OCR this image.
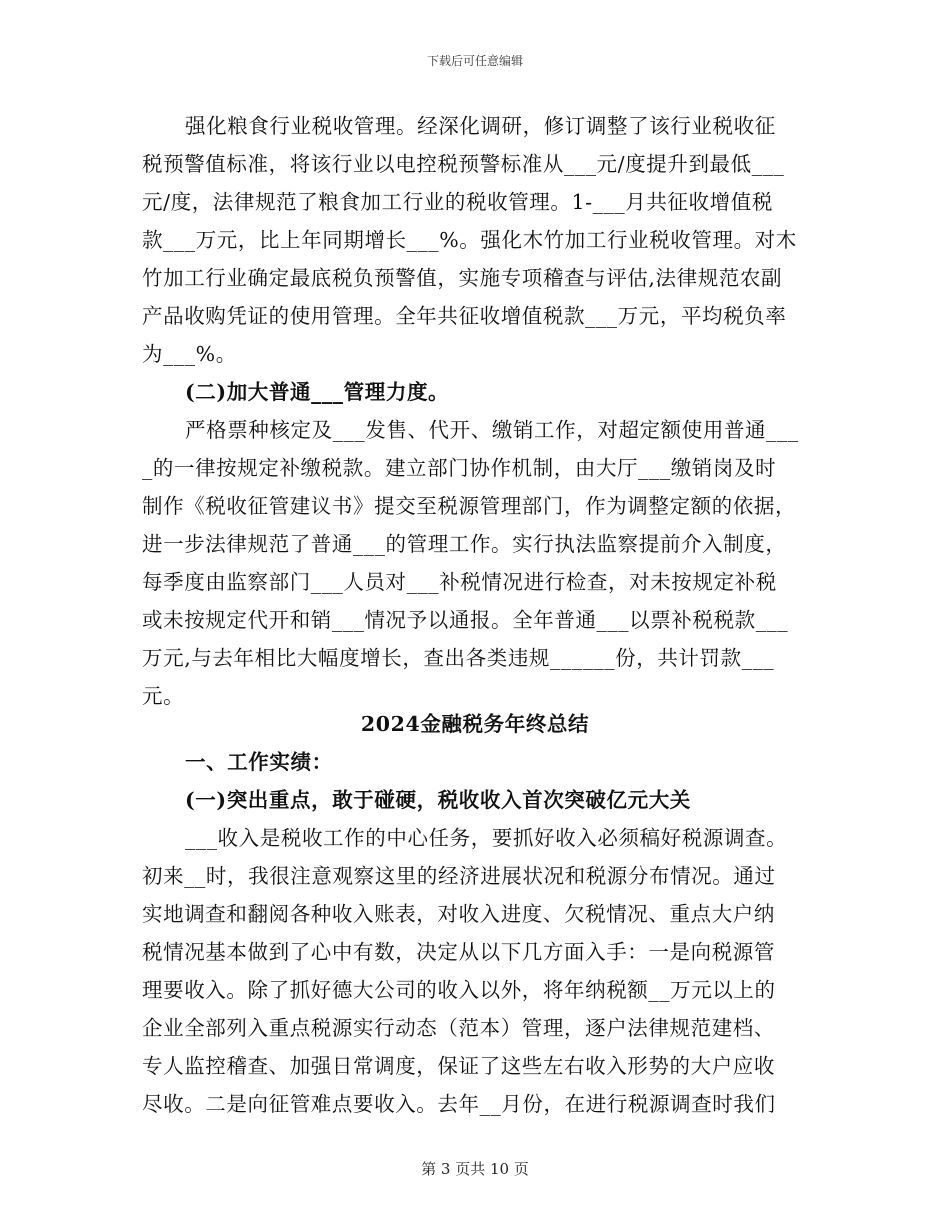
下载后可任意编辑
强化粮食行业税收管理。经深化调研，修订调整了该行业税收征
税预警值标准，将该行业以电控税预警标准从___元/度提升到最低___
元/度，法律规范了粮食加工行业的税收管理。1-___月共征收增值税
款___万元，比上年同期增长___%。强化木竹加工行业税收管理。对木
竹加工行业确定最底税负预警值，实施专项稽查与评估,法律规范农副
产品收购凭证的使用管理。全年共征收增值税款___万元，平均税负率
为___%。
(二)加大普通___管理力度。
严格票种核定及___发售、代开、缴销工作，对超定额使用普通___
_的一律按规定补缴税款。建立部门协作机制，由大厅___缴销岗及时
制作《税收征管建议书》提交至税源管理部门，作为调整定额的依据，
进一步法律规范了普通___的管理工作。实行执法监察提前介入制度，
每季度由监察部门___人员对___补税情况进行检查，对未按规定补税
或未按规定代开和销___情况予以通报。全年普通___以票补税税款___
万元,与去年相比大幅度增长，查出各类违规______份，共计罚款___
元。
2024金融税务年终总结
一、工作实绩：
(一)突出重点，敢于碰硬，税收收入首次突破亿元大关
___收入是税收工作的中心任务，要抓好收入必须稿好税源调查。
初来__时，我很注意观察这里的经济进展状况和税源分布情况。通过
实地调查和翻阅各种收入账表，对收入进度、欠税情况、重点大户纳
税情况基本做到了心中有数，决定从以下几方面入手：一是向税源管
理要收入。除了抓好德大公司的收入以外，将年纳税额__万元以上的
企业全部列入重点税源实行动态（范本）管理，逐户法律规范建档、
专人监控稽查、加强日常调度，保证了这些左右收入形势的大户应收
尽收。二是向征管难点要收入。去年__月份，在进行税源调查时我们
第 3 页共 10 页
